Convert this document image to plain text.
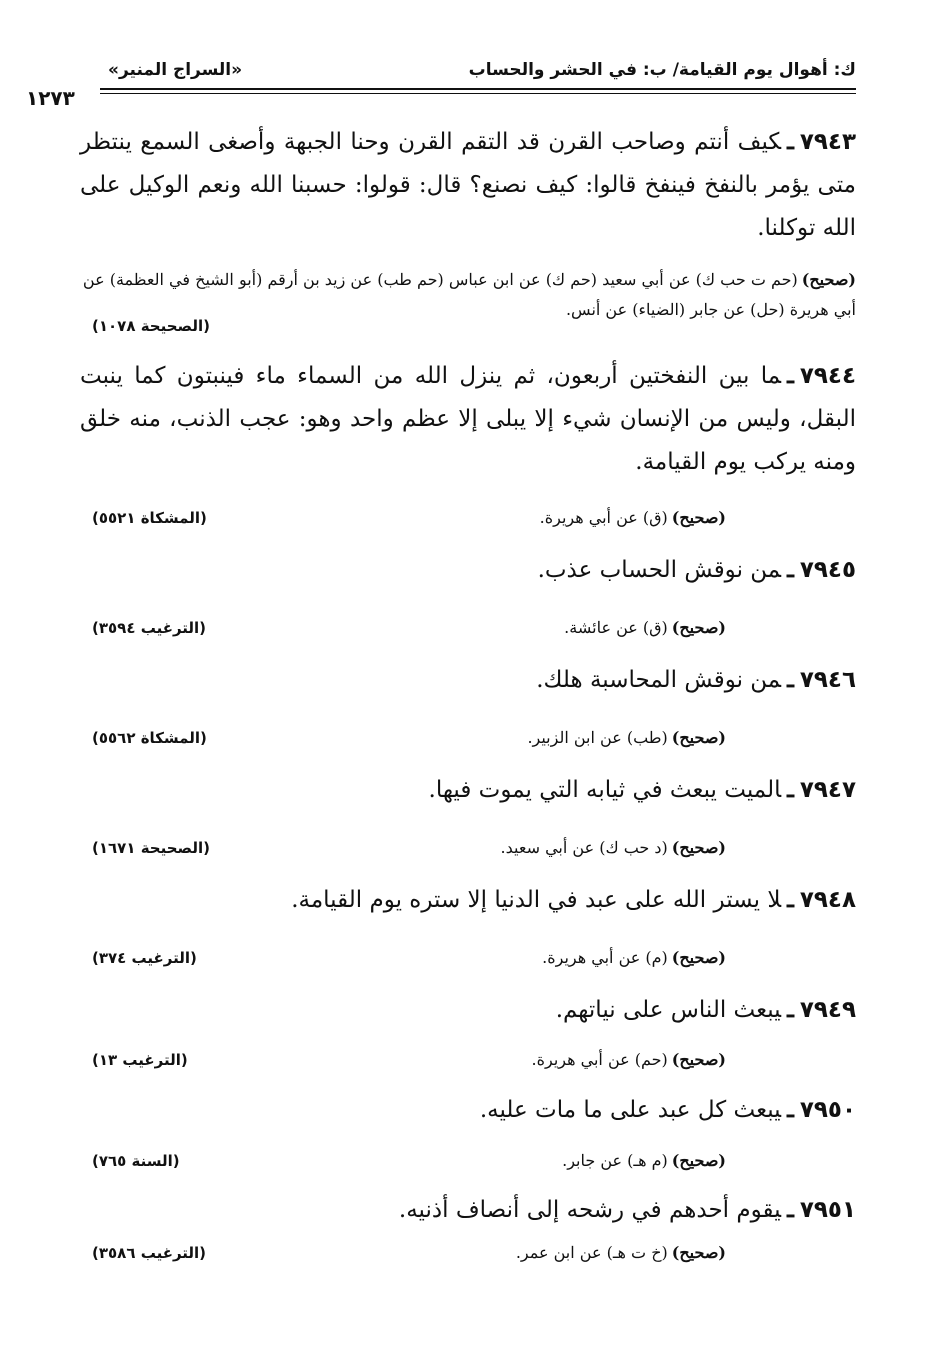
ك: أهوال يوم القيامة/ ب: في الحشر والحساب
«السراج المنير»
١٢٧٣
٧٩٤٣ـكيف أنتم وصاحب القرن قد التقم القرن وحنا الجبهة وأصغى السمع ينتظر متى يؤمر بالنفخ فينفخ قالوا: كيف نصنع؟ قال: قولوا: حسبنا الله ونعم الوكيل على الله توكلنا.
(صحيح)(حم ت حب ك) عن أبي سعيد (حم ك) عن ابن عباس (حم طب) عن زيد بن أرقم (أبو الشيخ في العظمة) عن أبي هريرة (حل) عن جابر (الضياء) عن أنس.
(الصحيحة ١٠٧٨)
٧٩٤٤ـما بين النفختين أربعون، ثم ينزل الله من السماء ماء فينبتون كما ينبت البقل، وليس من الإنسان شيء إلا يبلى إلا عظم واحد وهو: عجب الذنب، منه خلق ومنه يركب يوم القيامة.
(صحيح)(ق) عن أبي هريرة.
(المشكاة ٥٥٢١)
٧٩٤٥ـمن نوقش الحساب عذب.
(صحيح)(ق) عن عائشة.
(الترغيب ٣٥٩٤)
٧٩٤٦ـمن نوقش المحاسبة هلك.
(صحيح)(طب) عن ابن الزبير.
(المشكاة ٥٥٦٢)
٧٩٤٧ـالميت يبعث في ثيابه التي يموت فيها.
(صحيح)(د حب ك) عن أبي سعيد.
(الصحيحة ١٦٧١)
٧٩٤٨ـلا يستر الله على عبد في الدنيا إلا ستره يوم القيامة.
(صحيح)(م) عن أبي هريرة.
(الترغيب ٣٧٤)
٧٩٤٩ـيبعث الناس على نياتهم.
(صحيح)(حم) عن أبي هريرة.
(الترغيب ١٣)
٧٩٥٠ـيبعث كل عبد على ما مات عليه.
(صحيح)(م هـ) عن جابر.
(السنة ٧٦٥)
٧٩٥١ـيقوم أحدهم في رشحه إلى أنصاف أذنيه.
(صحيح)(خ ت هـ) عن ابن عمر.
(الترغيب ٣٥٨٦)
